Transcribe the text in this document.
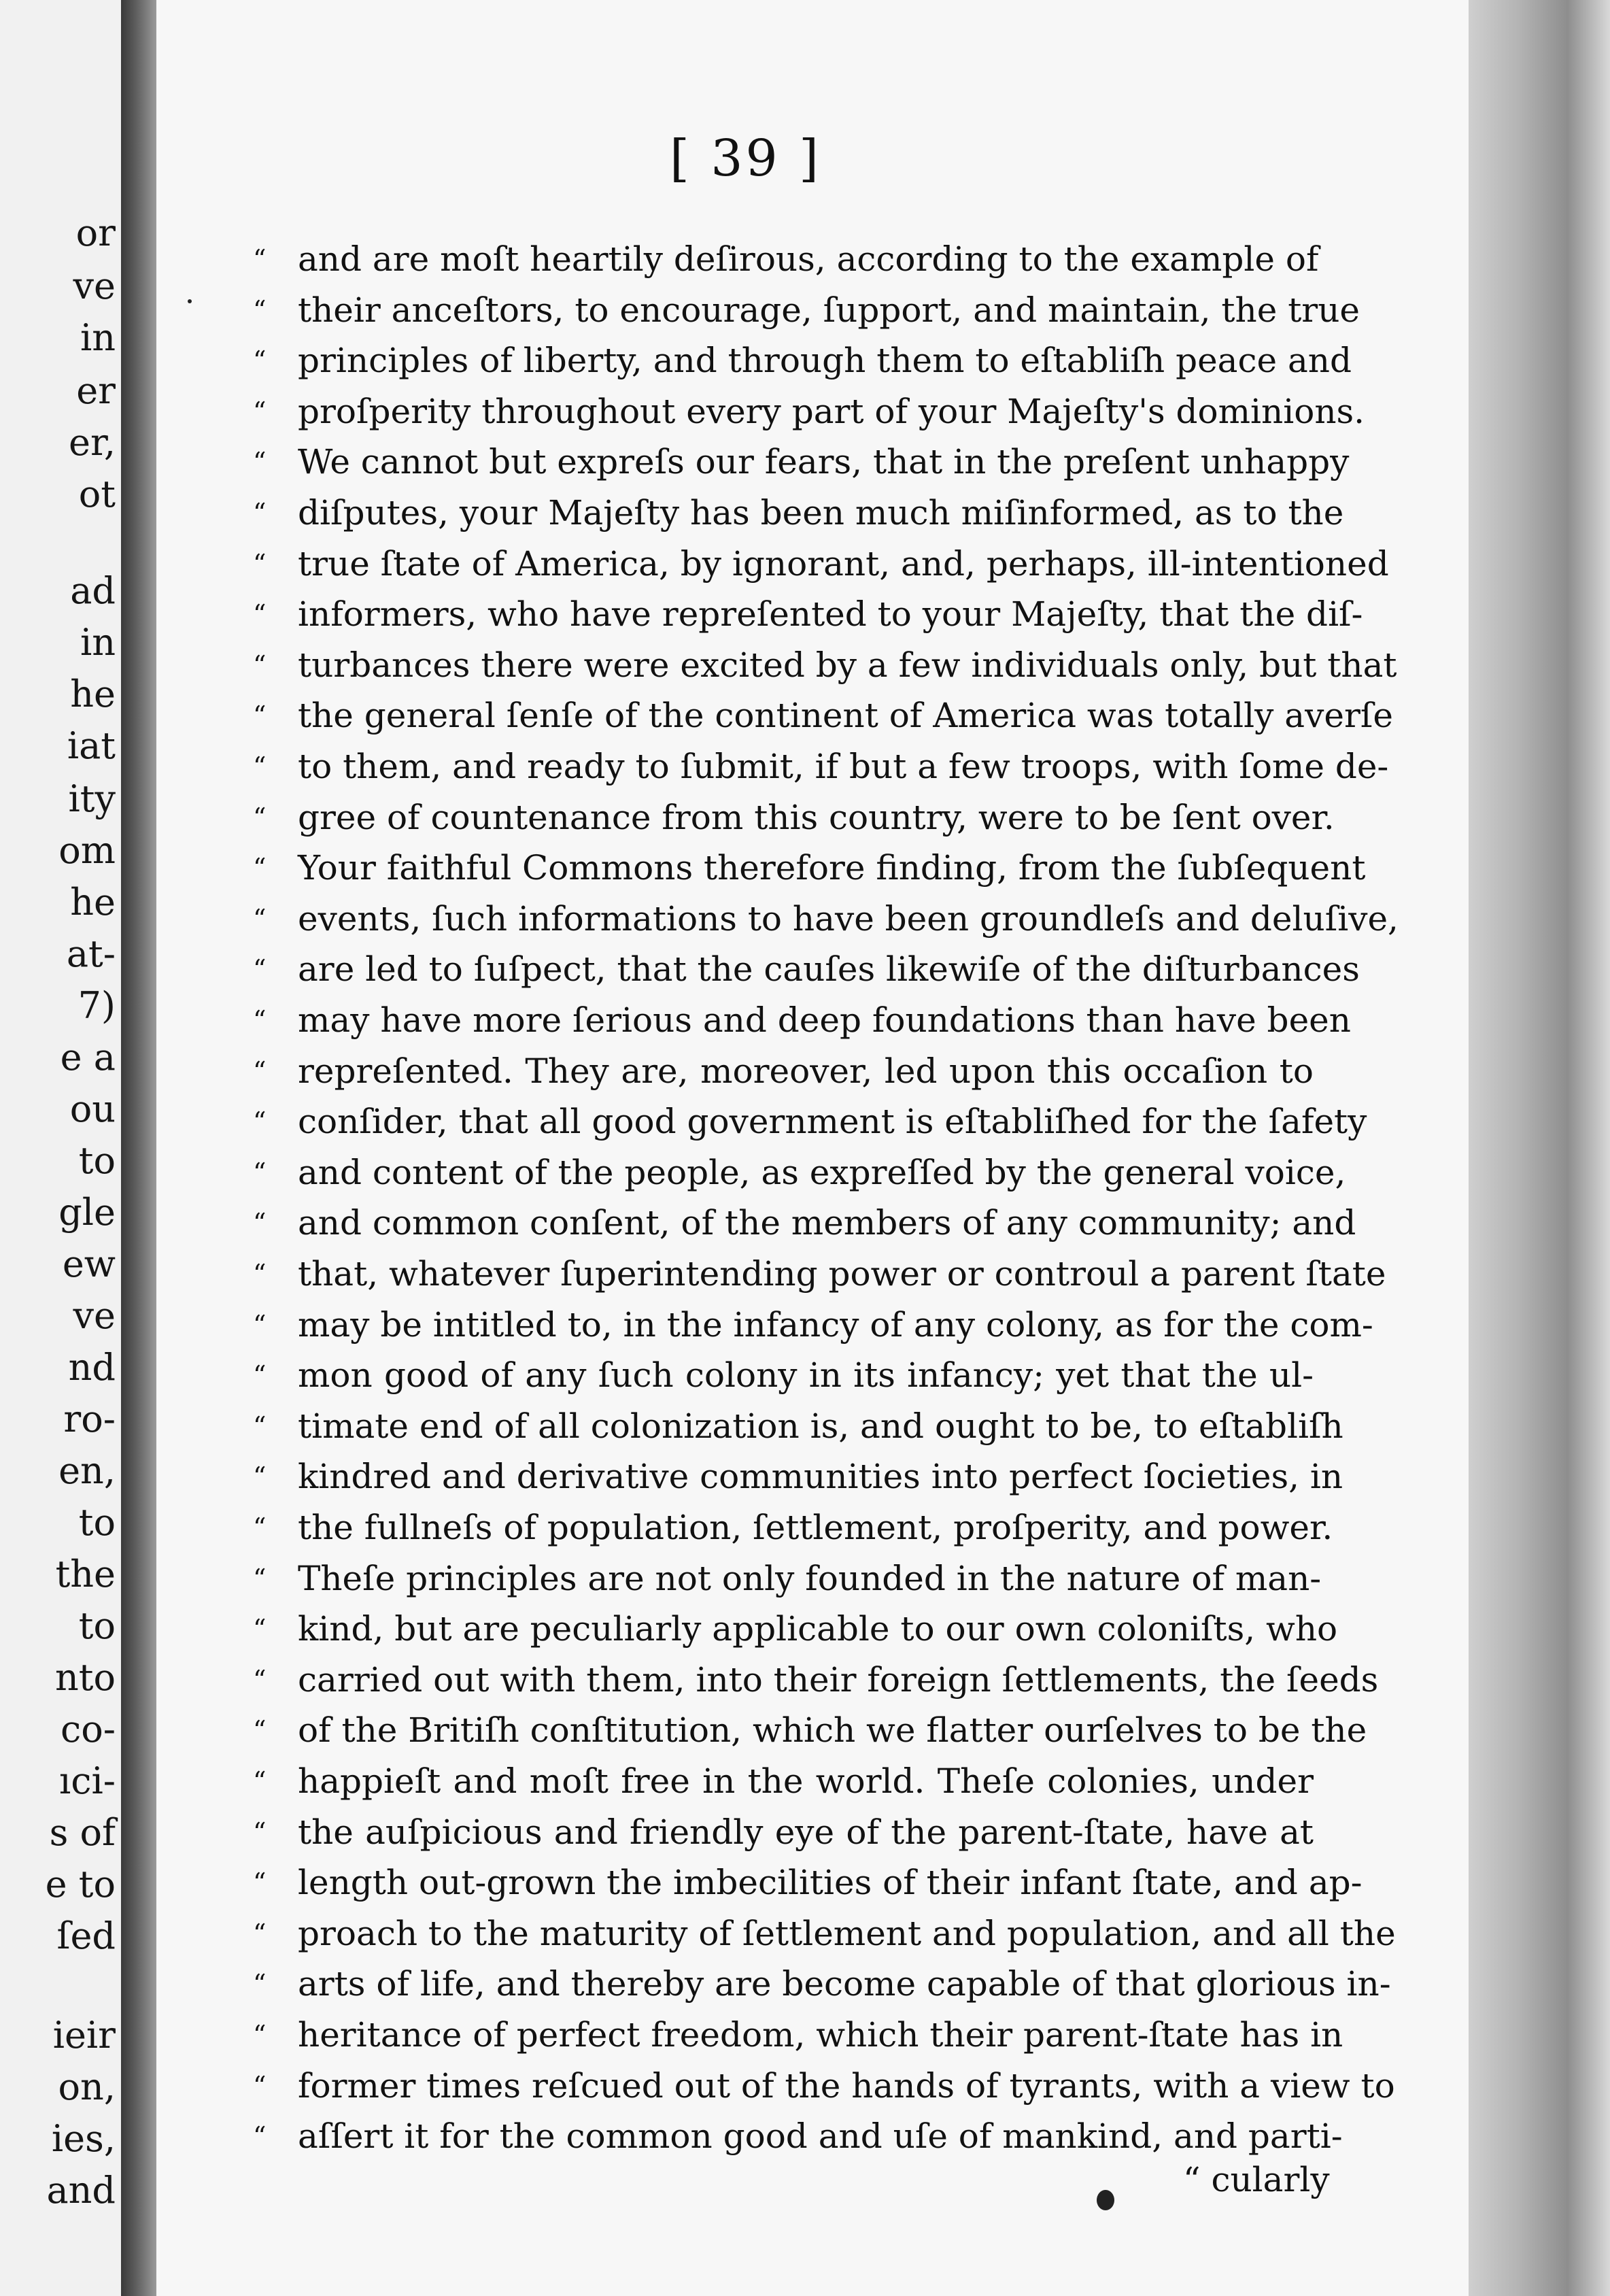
or
ve
in
er
er,
ot
ad
in
he
iat
ity
om
he
at-
7)
e a
ou
to
gle
ew
ve
nd
ro-
en,
to
the
to
nto
co-
ıci-
s of
e to
ſed
ieir
on,
ies,
and
[ 39 ]
“ and are moſt heartily deſirous, according to the example of
“ their anceſtors, to encourage, ſupport, and maintain, the true
“ principles of liberty, and through them to eſtabliſh peace and
“ proſperity throughout every part of your Majeſty's dominions.
“ We cannot but expreſs our fears, that in the preſent unhappy
“ diſputes, your Majeſty has been much miſinformed, as to the
“ true ſtate of America, by ignorant, and, perhaps, ill-intentioned
“ informers, who have repreſented to your Majeſty, that the diſ-
“ turbances there were excited by a few individuals only, but that
“ the general ſenſe of the continent of America was totally averſe
“ to them, and ready to ſubmit, if but a few troops, with ſome de-
“ gree of countenance from this country, were to be ſent over.
“ Your faithful Commons therefore finding, from the ſubſequent
“ events, ſuch informations to have been groundleſs and deluſive,
“ are led to ſuſpect, that the cauſes likewiſe of the diſturbances
“ may have more ſerious and deep foundations than have been
“ repreſented. They are, moreover, led upon this occaſion to
“ conſider, that all good government is eſtabliſhed for the ſafety
“ and content of the people, as expreſſed by the general voice,
“ and common conſent, of the members of any community; and
“ that, whatever ſuperintending power or controul a parent ſtate
“ may be intitled to, in the infancy of any colony, as for the com-
“ mon good of any ſuch colony in its infancy; yet that the ul-
“ timate end of all colonization is, and ought to be, to eſtabliſh
“ kindred and derivative communities into perfect ſocieties, in
“ the fullneſs of population, ſettlement, proſperity, and power.
“ Theſe principles are not only founded in the nature of man-
“ kind, but are peculiarly applicable to our own coloniſts, who
“ carried out with them, into their foreign ſettlements, the ſeeds
“ of the Britiſh conſtitution, which we flatter ourſelves to be the
“ happieſt and moſt free in the world. Theſe colonies, under
“ the auſpicious and friendly eye of the parent-ſtate, have at
“ length out-grown the imbecilities of their infant ſtate, and ap-
“ proach to the maturity of ſettlement and population, and all the
“ arts of life, and thereby are become capable of that glorious in-
“ heritance of perfect freedom, which their parent-ſtate has in
“ former times reſcued out of the hands of tyrants, with a view to
“ aſſert it for the common good and uſe of mankind, and parti-
“ cularly
